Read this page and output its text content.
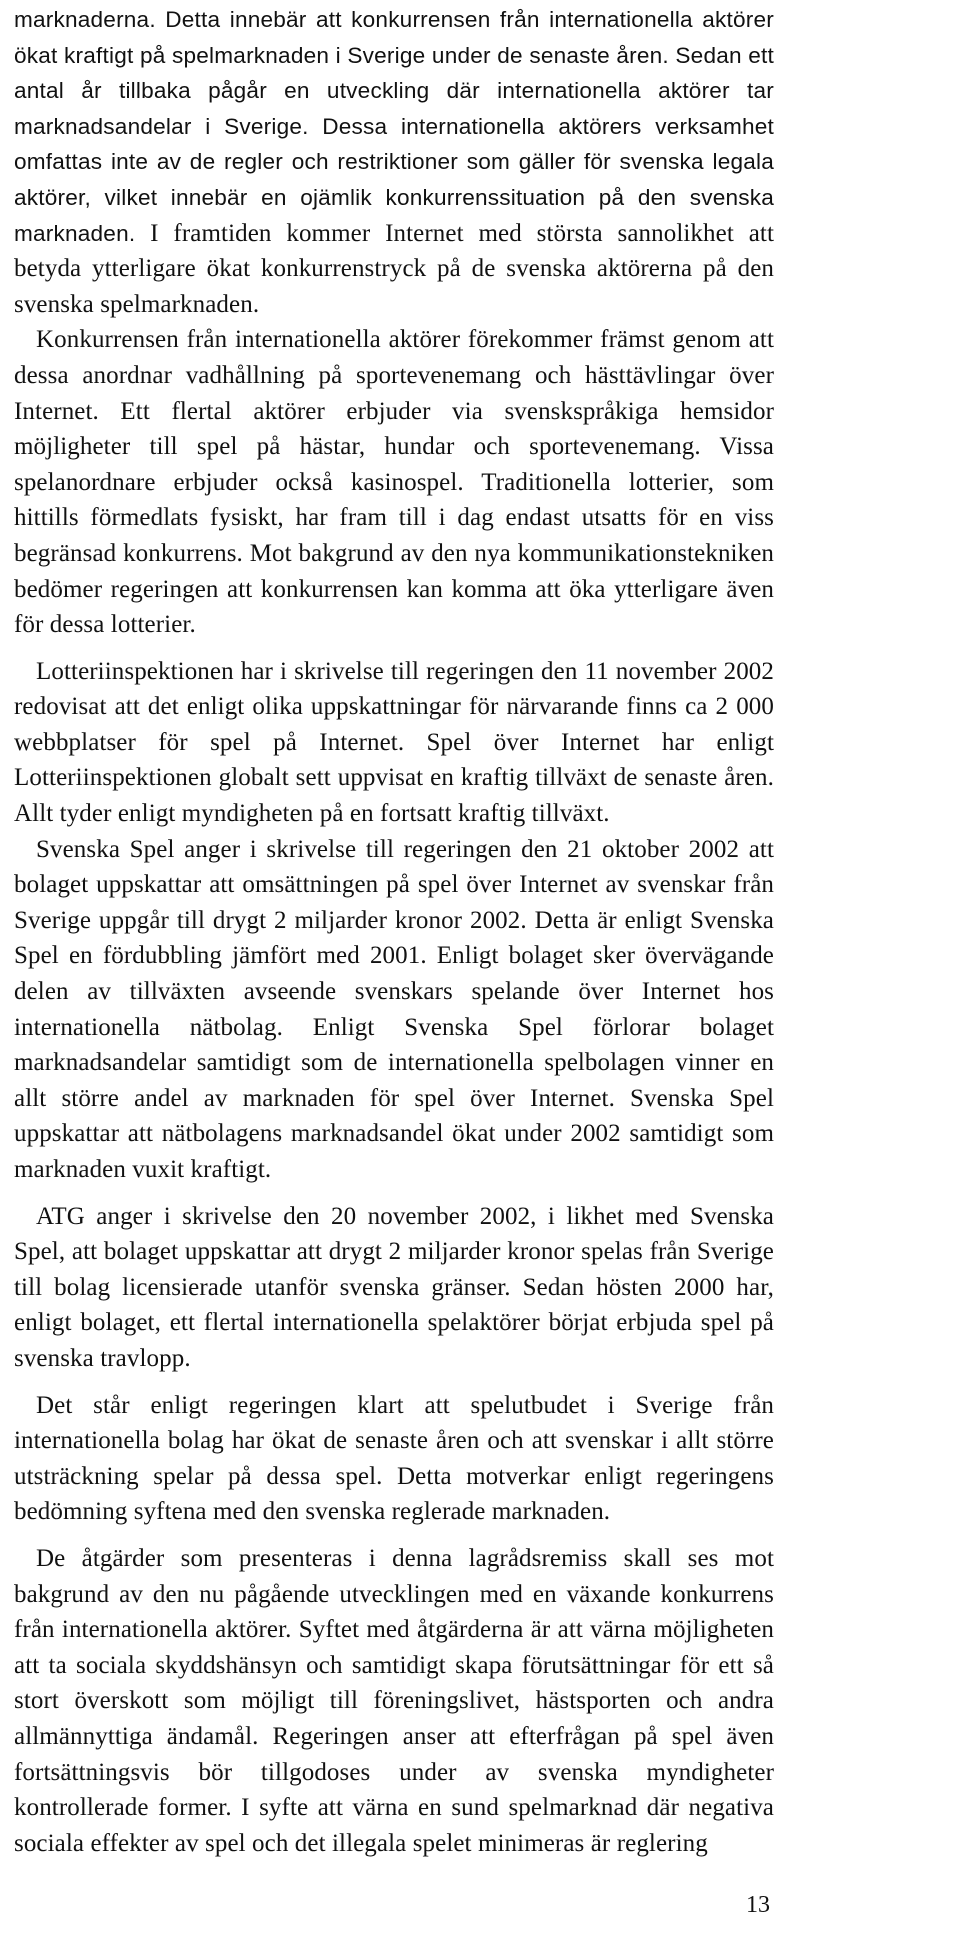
marknaderna. Detta innebär att konkurrensen från internationella aktörer ökat kraftigt på spelmarknaden i Sverige under de senaste åren. Sedan ett antal år tillbaka pågår en utveckling där internationella aktörer tar marknadsandelar i Sverige. Dessa internationella aktörers verksamhet omfattas inte av de regler och restriktioner som gäller för svenska legala aktörer, vilket innebär en ojämlik konkurrenssituation på den svenska marknaden. I framtiden kommer Internet med största sannolikhet att betyda ytterligare ökat konkurrenstryck på de svenska aktörerna på den svenska spelmarknaden.

Konkurrensen från internationella aktörer förekommer främst genom att dessa anordnar vadhållning på sportevenemang och hästtävlingar över Internet. Ett flertal aktörer erbjuder via svenskspråkiga hemsidor möjligheter till spel på hästar, hundar och sportevenemang. Vissa spelanordnare erbjuder också kasinospel. Traditionella lotterier, som hittills förmedlats fysiskt, har fram till i dag endast utsatts för en viss begränsad konkurrens. Mot bakgrund av den nya kommunikationstekniken bedömer regeringen att konkurrensen kan komma att öka ytterligare även för dessa lotterier.

Lotteriinspektionen har i skrivelse till regeringen den 11 november 2002 redovisat att det enligt olika uppskattningar för närvarande finns ca 2 000 webbplatser för spel på Internet. Spel över Internet har enligt Lotteriinspektionen globalt sett uppvisat en kraftig tillväxt de senaste åren. Allt tyder enligt myndigheten på en fortsatt kraftig tillväxt.

Svenska Spel anger i skrivelse till regeringen den 21 oktober 2002 att bolaget uppskattar att omsättningen på spel över Internet av svenskar från Sverige uppgår till drygt 2 miljarder kronor 2002. Detta är enligt Svenska Spel en fördubbling jämfört med 2001. Enligt bolaget sker övervägande delen av tillväxten avseende svenskars spelande över Internet hos internationella nätbolag. Enligt Svenska Spel förlorar bolaget marknadsandelar samtidigt som de internationella spelbolagen vinner en allt större andel av marknaden för spel över Internet. Svenska Spel uppskattar att nätbolagens marknadsandel ökat under 2002 samtidigt som marknaden vuxit kraftigt.

ATG anger i skrivelse den 20 november 2002, i likhet med Svenska Spel, att bolaget uppskattar att drygt 2 miljarder kronor spelas från Sverige till bolag licensierade utanför svenska gränser. Sedan hösten 2000 har, enligt bolaget, ett flertal internationella spelaktörer börjat erbjuda spel på svenska travlopp.

Det står enligt regeringen klart att spelutbudet i Sverige från internationella bolag har ökat de senaste åren och att svenskar i allt större utsträckning spelar på dessa spel. Detta motverkar enligt regeringens bedömning syftena med den svenska reglerade marknaden.

De åtgärder som presenteras i denna lagrådsremiss skall ses mot bakgrund av den nu pågående utvecklingen med en växande konkurrens från internationella aktörer. Syftet med åtgärderna är att värna möjligheten att ta sociala skyddshänsyn och samtidigt skapa förutsättningar för ett så stort överskott som möjligt till föreningslivet, hästsporten och andra allmännyttiga ändamål. Regeringen anser att efterfrågan på spel även fortsättningsvis bör tillgodoses under av svenska myndigheter kontrollerade former. I syfte att värna en sund spelmarknad där negativa sociala effekter av spel och det illegala spelet minimeras är reglering

13
